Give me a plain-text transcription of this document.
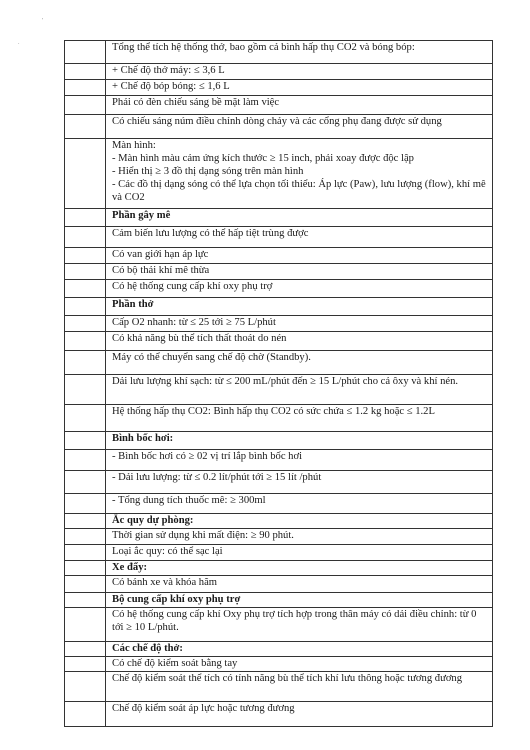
'
.

	Tổng thể tích hệ thống thở, bao gồm cả bình hấp thụ CO2 và bóng bóp:

	+ Chế độ thở máy: ≤ 3,6 L

	+ Chế độ bóp bóng: ≤ 1,6 L

	Phải có đèn chiếu sáng bề mặt làm việc

	Có chiếu sáng núm điều chỉnh dòng chảy và các cổng phụ đang được sử dụng

	Màn hình:
- Màn hình màu cảm ứng kích thước ≥ 15 inch, phải xoay được độc lập
- Hiển thị ≥ 3 đồ thị dạng sóng trên màn hình
- Các đồ thị dạng sóng có thể lựa chọn tối thiểu: Áp lực (Paw), lưu lượng (flow), khí mê và CO2

	Phần gây mê

	Cảm biến lưu lượng có thể hấp tiệt trùng được

	Có van giới hạn áp lực

	Có bộ thải khí mê thừa

	Có hệ thống cung cấp khí oxy phụ trợ

	Phần thở

	Cấp O2 nhanh: từ ≤ 25 tới ≥ 75 L/phút

	Có khả năng bù thể tích thất thoát do nén

	Máy có thể chuyển sang chế độ chờ (Standby).

	Dải lưu lượng khí sạch: từ ≤ 200 mL/phút đến ≥ 15 L/phút cho cả ôxy và khí nén.

	Hệ thống hấp thụ CO2: Bình hấp thụ CO2 có sức chứa ≤ 1.2 kg hoặc ≤ 1.2L

	Bình bốc hơi:

	- Bình bốc hơi có ≥ 02 vị trí lắp bình bốc hơi

	- Dải lưu lượng: từ ≤ 0.2 lít/phút tới ≥ 15 lít /phút

	- Tổng dung tích thuốc mê: ≥ 300ml

	Ắc quy dự phòng:

	Thời gian sử dụng khi mất điện: ≥ 90 phút.

	Loại ắc quy: có thể sạc lại

	Xe đẩy:

	Có bánh xe và khóa hãm

	Bộ cung cấp khí oxy phụ trợ

	Có hệ thống cung cấp khí Oxy phụ trợ tích hợp trong thân máy có dải điều chỉnh: từ 0 tới ≥ 10 L/phút.

	Các chế độ thở:

	Có chế độ kiểm soát bằng tay

	Chế độ kiểm soát thể tích có tính năng bù thể tích khí lưu thông hoặc tương đương

	Chế độ kiểm soát áp lực hoặc tương đương
